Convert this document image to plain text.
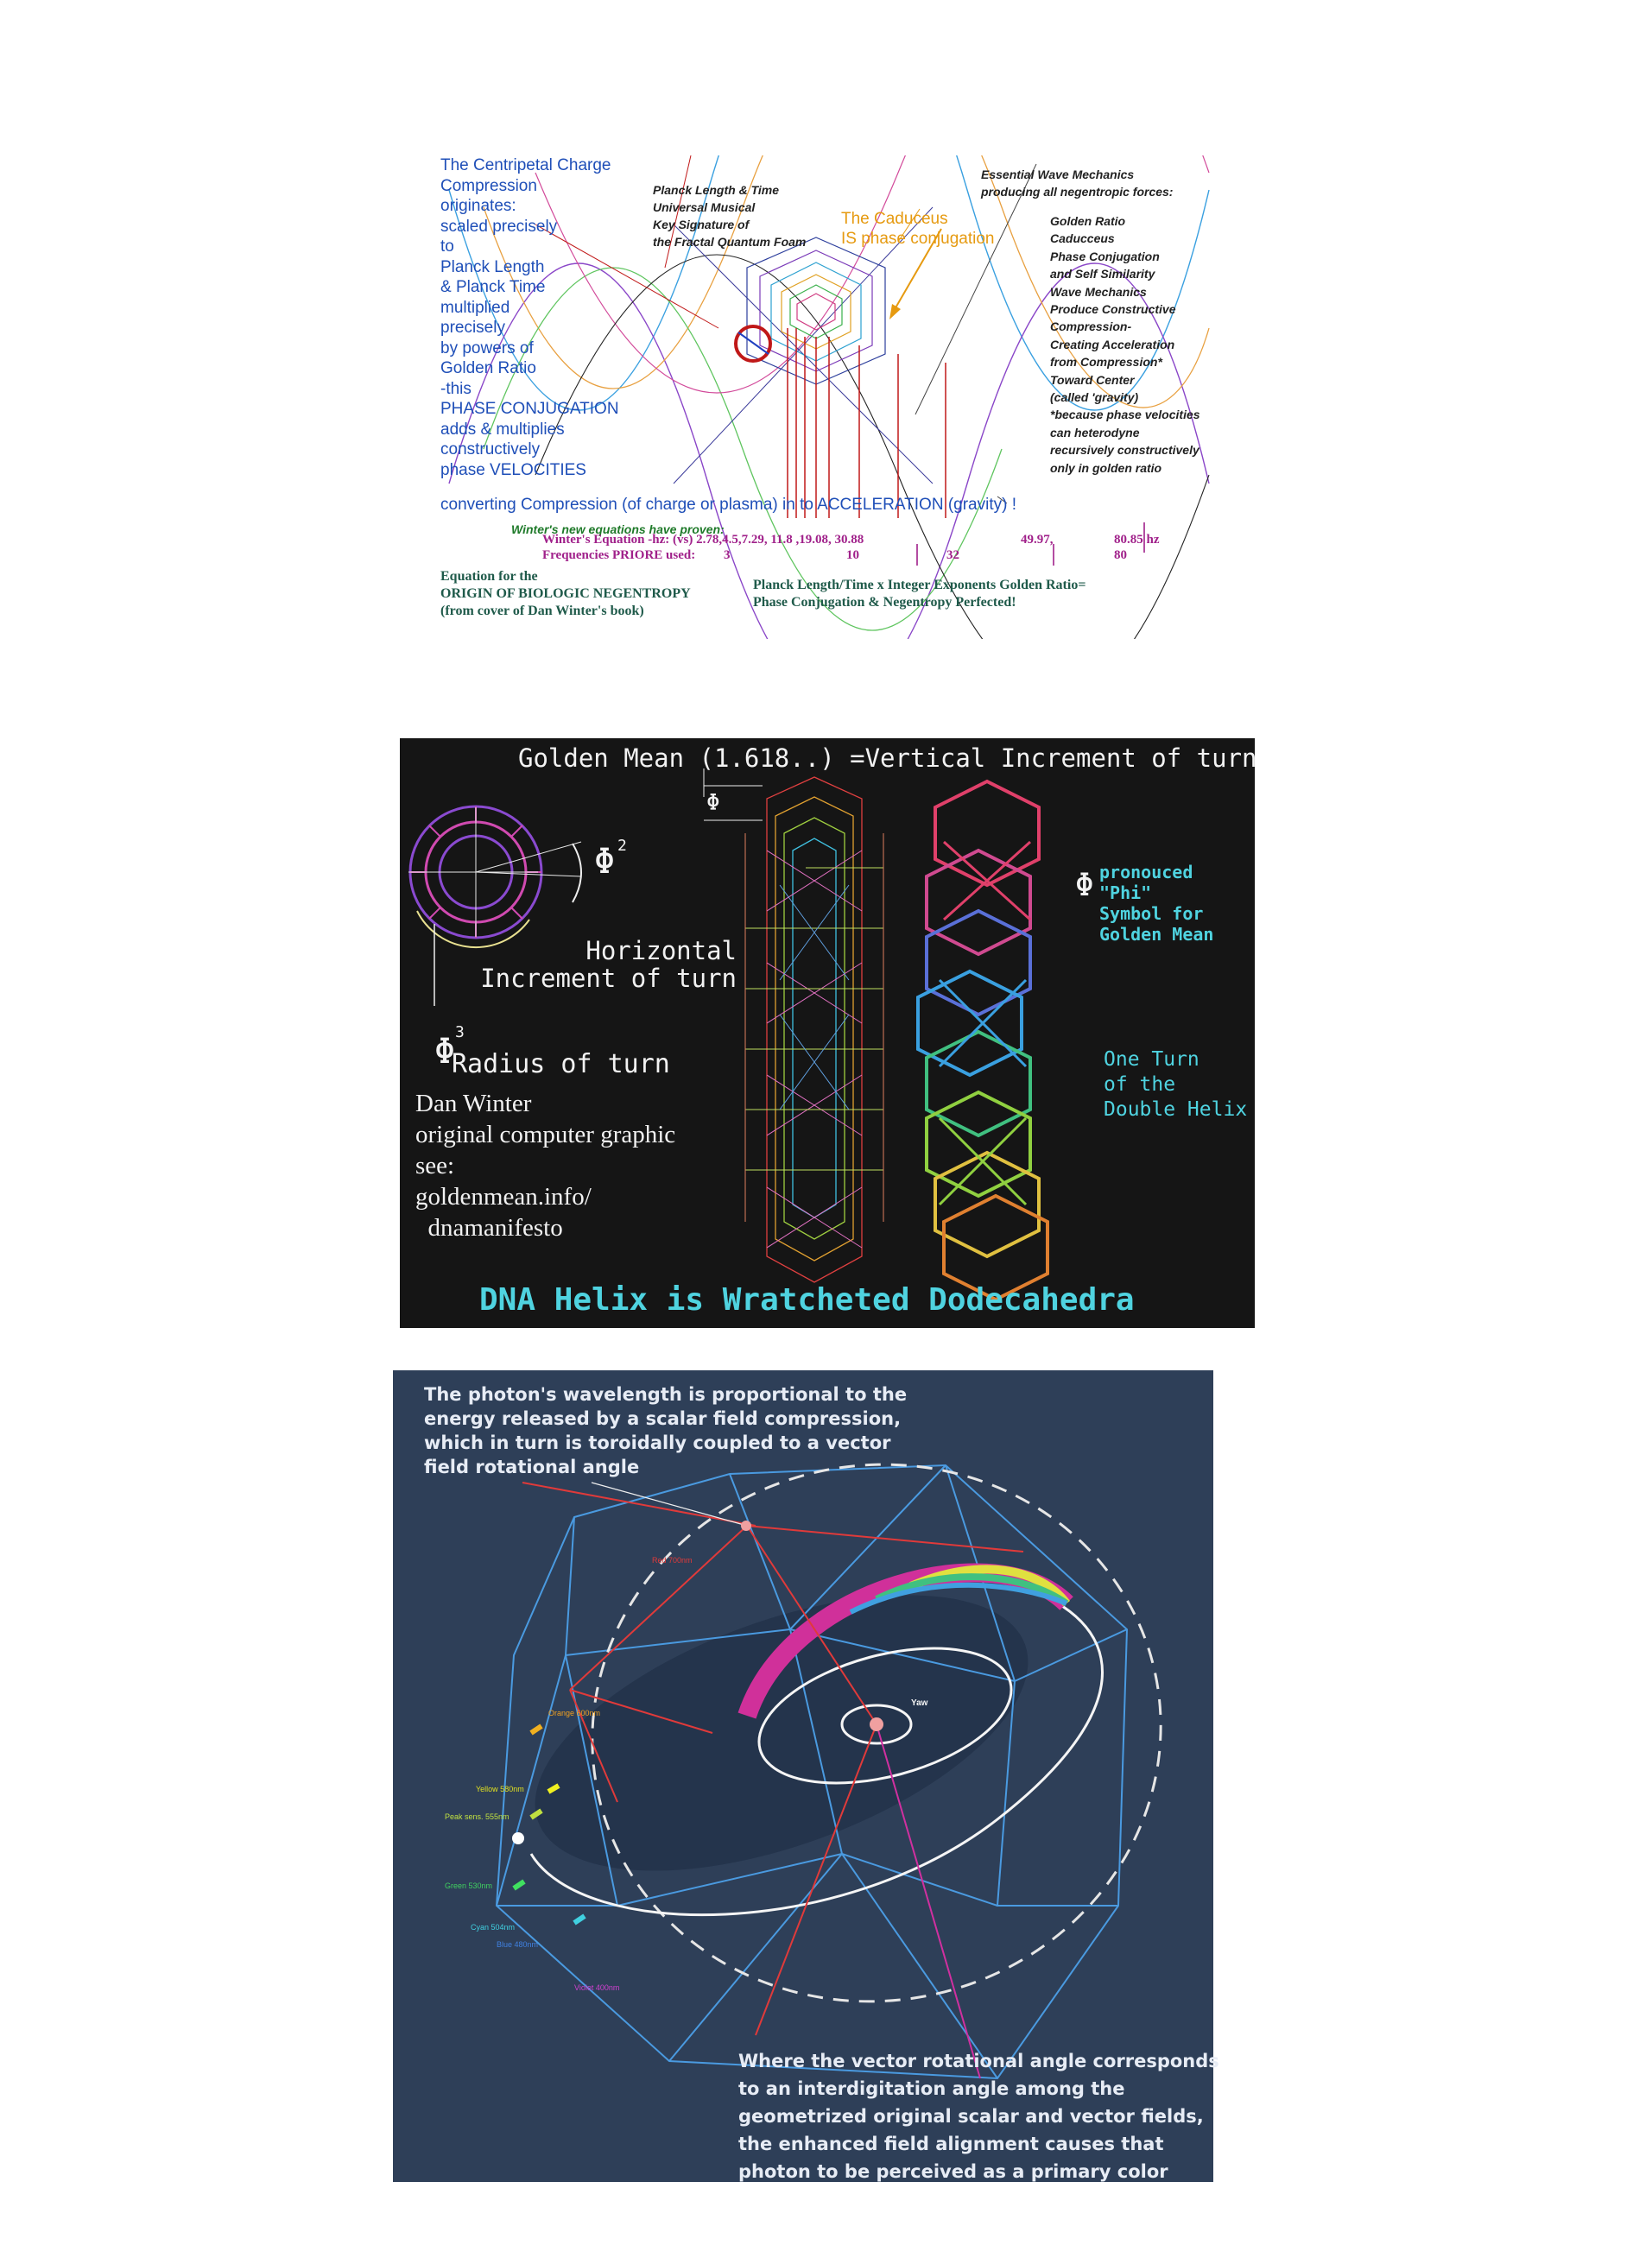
The Centripetal Charge
Compression
originates:
scaled precisely
to
Planck Length
& Planck Time
multiplied
precisely
by powers of
Golden Ratio
-this
PHASE CONJUGATION
adds & multiplies
constructively
phase VELOCITIES
converting Compression (of charge or plasma) in to ACCELERATION (gravity) !
Planck Length & Time
Universal Musical
Key Signature of
the Fractal Quantum Foam
The Caduceus
IS phase conjugation
Essential Wave Mechanics
producing all negentropic forces:
Golden Ratio
Caducceus
Phase Conjugation
and Self Similarity
Wave Mechanics
Produce Constructive
Compression-
Creating Acceleration
from Compression*
Toward Center
(called 'gravity)
*because phase velocities
can heterodyne
recursively constructively
only in golden ratio
Winter's new equations have proven:
Winter's Equation -hz: (vs) 2.78,4.5,7.29, 11.8 ,19.08, 30.88	49.97,	80.85 hz
Frequencies PRIORE used: 3	10	32	80
Equation for the
ORIGIN OF BIOLOGIC NEGENTROPY
(from cover of Dan Winter's book)
Planck Length/Time x Integer Exponents Golden Ratio=
Phase Conjugation & Negentropy Perfected!
Golden Mean (1.618..) =Vertical Increment of turn
Φ
Φ 2
Horizontal
Increment of turn
Φ 3
Radius of turn
Dan Winter
original computer graphic
see:
goldenmean.info/
dnamanifesto
Φ pronouced
"Phi"
Symbol for
Golden Mean
One Turn
of the
Double Helix
DNA Helix is Wratcheted Dodecahedra
The photon's wavelength is proportional to the
energy released by a scalar field compression,
which in turn is toroidally coupled to a vector
field rotational angle
Where the vector rotational angle corresponds
to an interdigitation angle among the
geometrized original scalar and vector fields,
the enhanced field alignment causes that
photon to be perceived as a primary color
Red 700nm
Orange 600nm
Yellow 580nm
Peak sens. 555nm
Green 530nm
Cyan 504nm
Blue 480nm
Violet 400nm
Yaw
